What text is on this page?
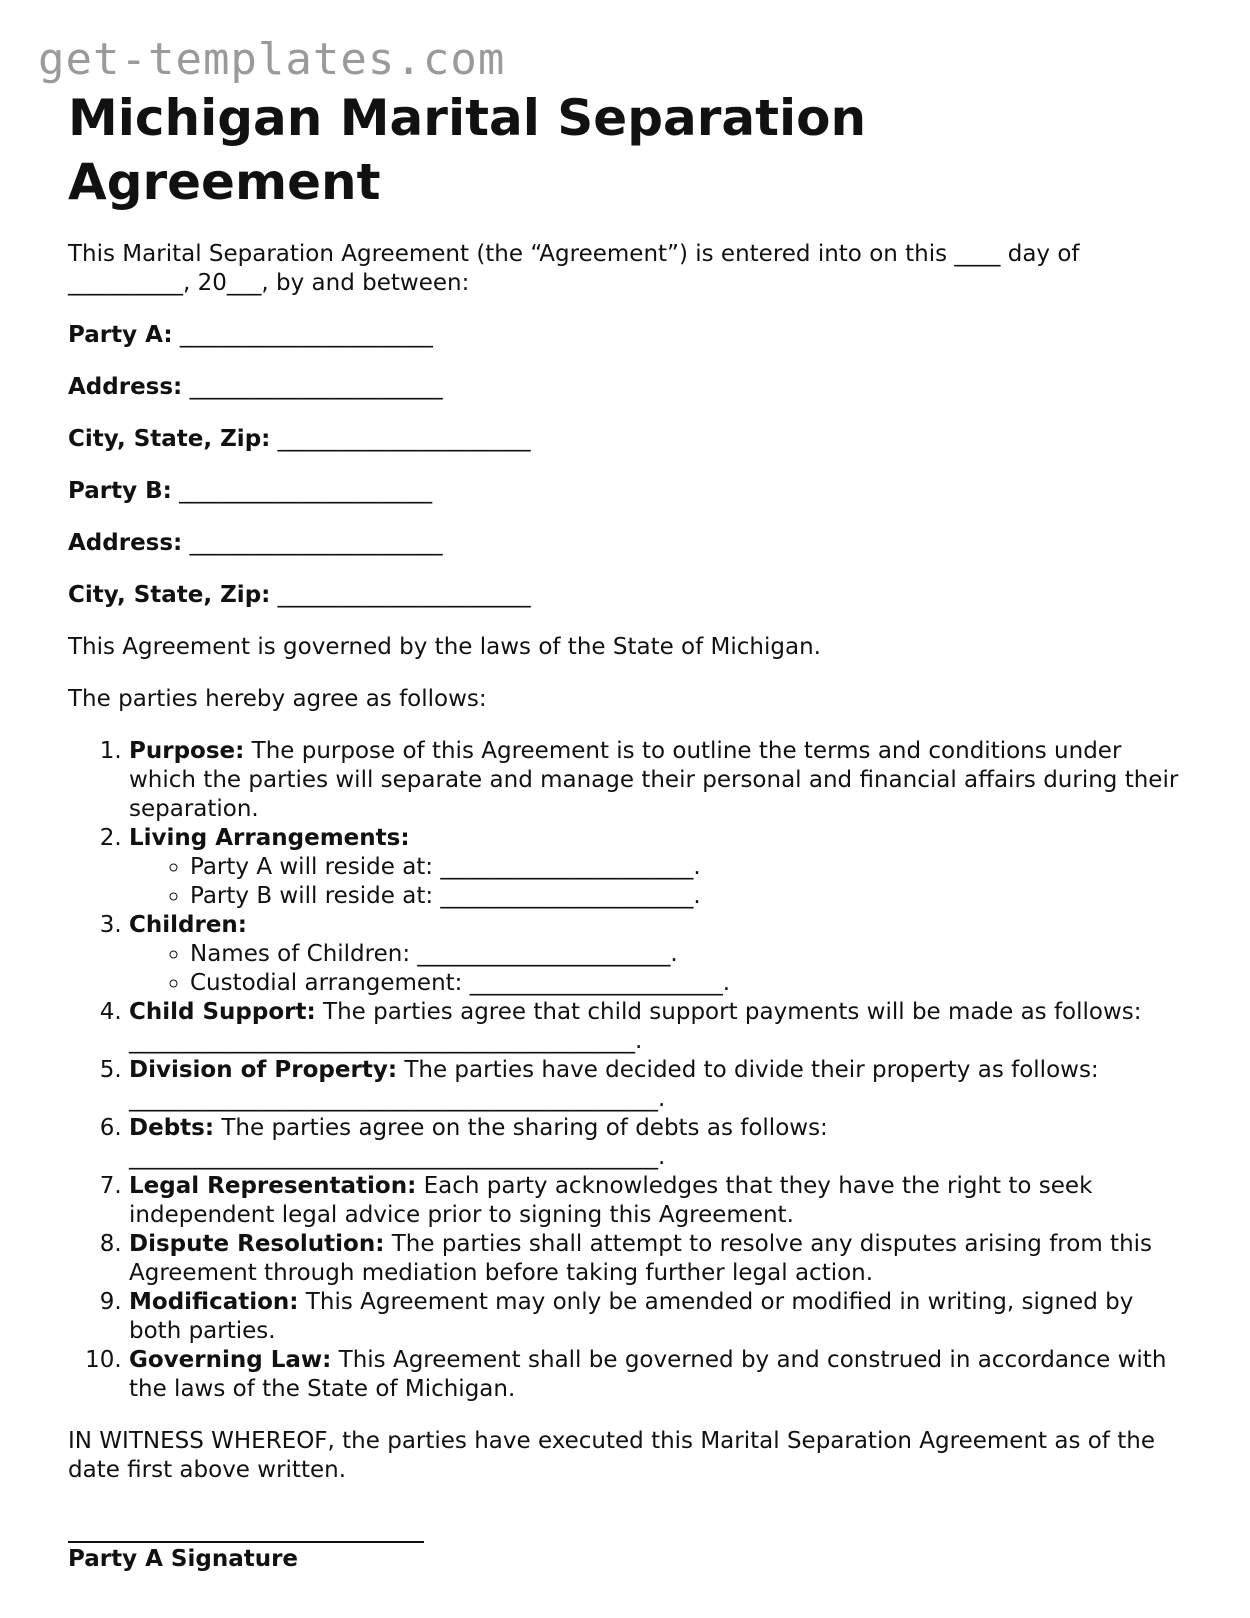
get-templates.com
Michigan Marital Separation Agreement

This Marital Separation Agreement (the “Agreement”) is entered into on this ____ day of __________, 20___, by and between:

Party A: ______________________

Address: ______________________

City, State, Zip: ______________________

Party B: ______________________

Address: ______________________

City, State, Zip: ______________________

This Agreement is governed by the laws of the State of Michigan.

The parties hereby agree as follows:

1. Purpose: The purpose of this Agreement is to outline the terms and conditions under which the parties will separate and manage their personal and financial affairs during their separation.
2. Living Arrangements:
◦ Party A will reside at: ______________________.
◦ Party B will reside at: ______________________.
3. Children:
◦ Names of Children: ______________________.
◦ Custodial arrangement: ______________________.
4. Child Support: The parties agree that child support payments will be made as follows: ____________________________________________.
5. Division of Property: The parties have decided to divide their property as follows:
______________________________________________.
6. Debts: The parties agree on the sharing of debts as follows:
______________________________________________.
7. Legal Representation: Each party acknowledges that they have the right to seek independent legal advice prior to signing this Agreement.
8. Dispute Resolution: The parties shall attempt to resolve any disputes arising from this Agreement through mediation before taking further legal action.
9. Modification: This Agreement may only be amended or modified in writing, signed by both parties.
10. Governing Law: This Agreement shall be governed by and construed in accordance with the laws of the State of Michigan.

IN WITNESS WHEREOF, the parties have executed this Marital Separation Agreement as of the date first above written.

Party A Signature
